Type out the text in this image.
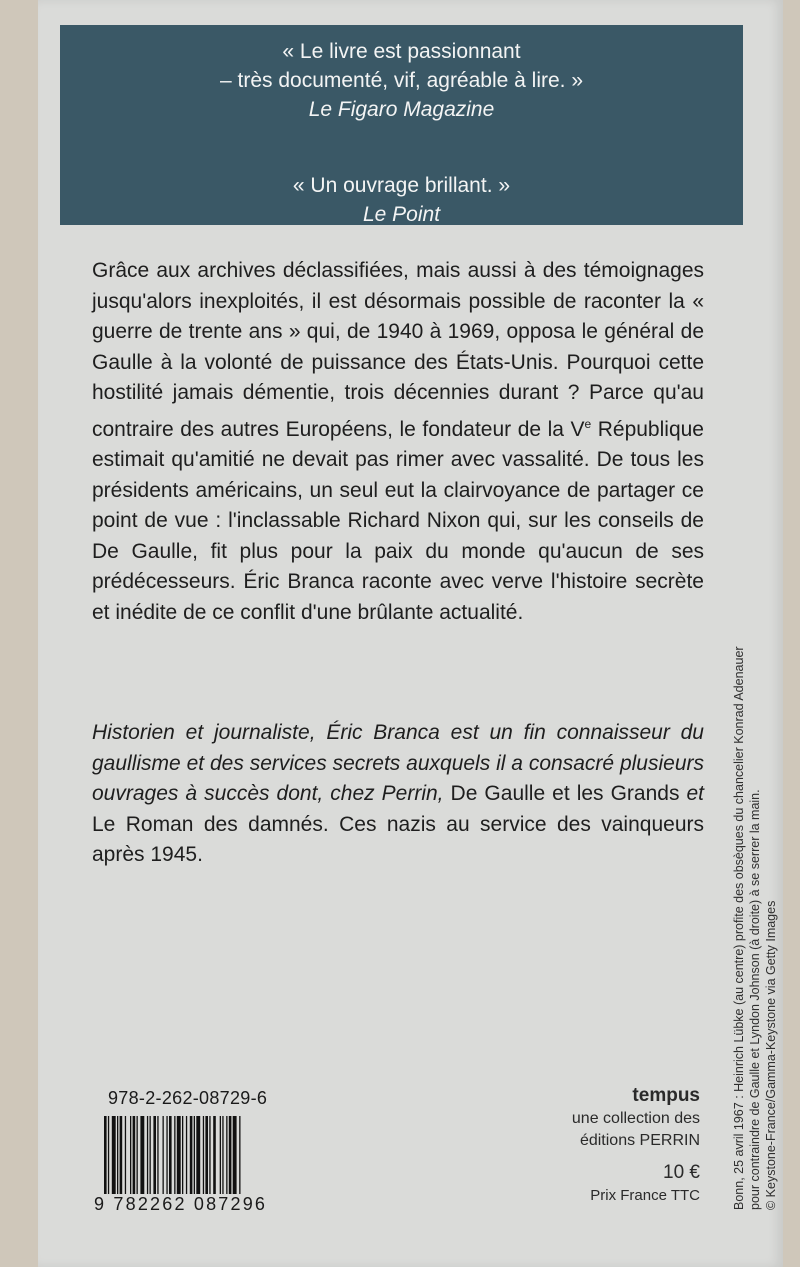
« Le livre est passionnant
– très documenté, vif, agréable à lire. »
Le Figaro Magazine
« Un ouvrage brillant. »
Le Point
Grâce aux archives déclassifiées, mais aussi à des témoignages jusqu'alors inexploités, il est désormais possible de raconter la « guerre de trente ans » qui, de 1940 à 1969, opposa le général de Gaulle à la volonté de puissance des États-Unis. Pourquoi cette hostilité jamais démentie, trois décennies durant ? Parce qu'au contraire des autres Européens, le fondateur de la Ve République estimait qu'amitié ne devait pas rimer avec vassalité. De tous les présidents américains, un seul eut la clairvoyance de partager ce point de vue : l'inclassable Richard Nixon qui, sur les conseils de De Gaulle, fit plus pour la paix du monde qu'aucun de ses prédécesseurs. Éric Branca raconte avec verve l'histoire secrète et inédite de ce conflit d'une brûlante actualité.
Historien et journaliste, Éric Branca est un fin connaisseur du gaullisme et des services secrets auxquels il a consacré plusieurs ouvrages à succès dont, chez Perrin, De Gaulle et les Grands et Le Roman des damnés. Ces nazis au service des vainqueurs après 1945.
978-2-262-08729-6
9 782262 087296
tempus
une collection des
éditions PERRIN
10 €
Prix France TTC	Bonn, 25 avril 1967 : Heinrich Lübke (au centre) profite des obsèques du chancelier Konrad Adenauer pour contraindre de Gaulle et Lyndon Johnson (à droite) à se serrer la main. © Keystone-France/Gamma-Keystone via Getty Images
